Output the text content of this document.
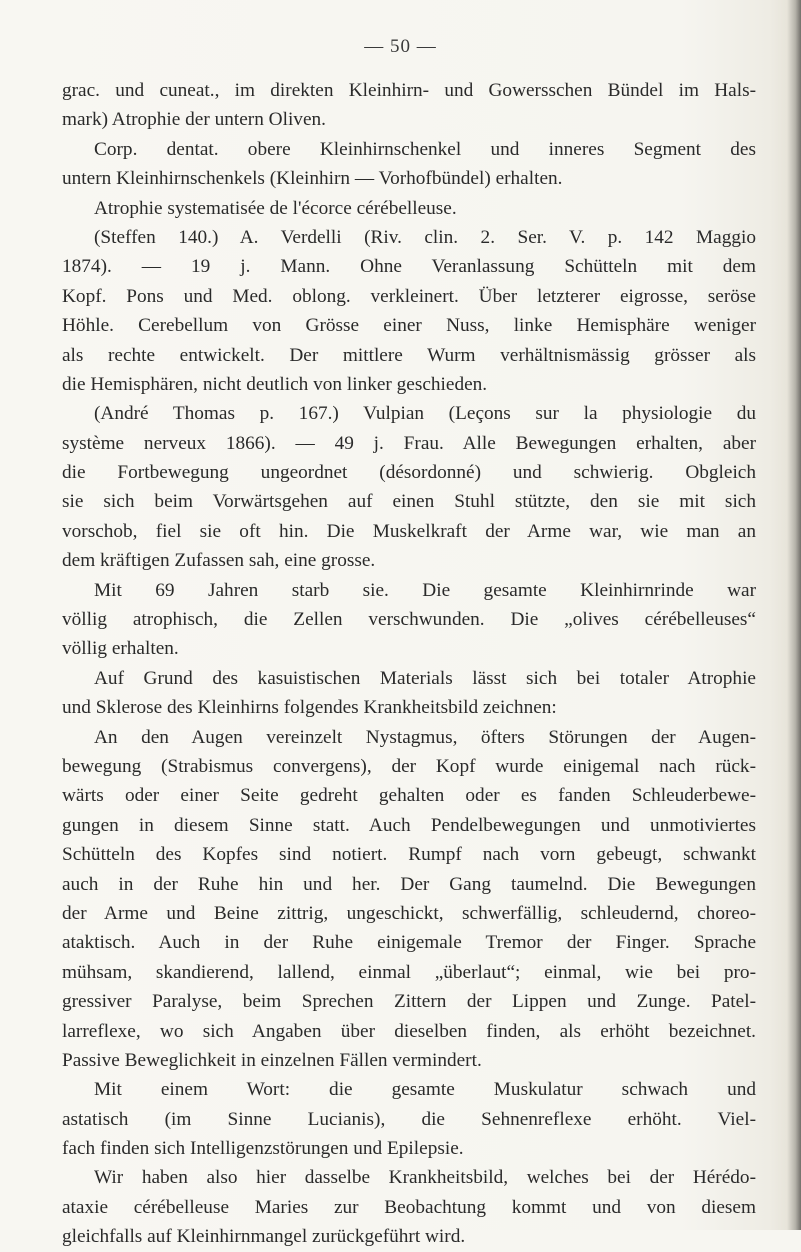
— 50 —
grac. und cuneat., im direkten Kleinhirn- und Gowersschen Bündel im Hals-
mark) Atrophie der untern Oliven.
Corp. dentat. obere Kleinhirnschenkel und inneres Segment des
untern Kleinhirnschenkels (Kleinhirn — Vorhofbündel) erhalten.
Atrophie systematisée de l'écorce cérébelleuse.
(Steffen 140.) A. Verdelli (Riv. clin. 2. Ser. V. p. 142 Maggio
1874). — 19 j. Mann. Ohne Veranlassung Schütteln mit dem
Kopf. Pons und Med. oblong. verkleinert. Über letzterer eigrosse, seröse
Höhle. Cerebellum von Grösse einer Nuss, linke Hemisphäre weniger
als rechte entwickelt. Der mittlere Wurm verhältnismässig grösser als
die Hemisphären, nicht deutlich von linker geschieden.
(André Thomas p. 167.) Vulpian (Leçons sur la physiologie du
système nerveux 1866). — 49 j. Frau. Alle Bewegungen erhalten, aber
die Fortbewegung ungeordnet (désordonné) und schwierig. Obgleich
sie sich beim Vorwärtsgehen auf einen Stuhl stützte, den sie mit sich
vorschob, fiel sie oft hin. Die Muskelkraft der Arme war, wie man an
dem kräftigen Zufassen sah, eine grosse.
Mit 69 Jahren starb sie. Die gesamte Kleinhirnrinde war
völlig atrophisch, die Zellen verschwunden. Die „olives cérébelleuses“
völlig erhalten.
Auf Grund des kasuistischen Materials lässt sich bei totaler Atrophie
und Sklerose des Kleinhirns folgendes Krankheitsbild zeichnen:
An den Augen vereinzelt Nystagmus, öfters Störungen der Augen-
bewegung (Strabismus convergens), der Kopf wurde einigemal nach rück-
wärts oder einer Seite gedreht gehalten oder es fanden Schleuderbewe-
gungen in diesem Sinne statt. Auch Pendelbewegungen und unmotiviertes
Schütteln des Kopfes sind notiert. Rumpf nach vorn gebeugt, schwankt
auch in der Ruhe hin und her. Der Gang taumelnd. Die Bewegungen
der Arme und Beine zittrig, ungeschickt, schwerfällig, schleudernd, choreo-
ataktisch. Auch in der Ruhe einigemale Tremor der Finger. Sprache
mühsam, skandierend, lallend, einmal „überlaut“; einmal, wie bei pro-
gressiver Paralyse, beim Sprechen Zittern der Lippen und Zunge. Patel-
larreflexe, wo sich Angaben über dieselben finden, als erhöht bezeichnet.
Passive Beweglichkeit in einzelnen Fällen vermindert.
Mit einem Wort: die gesamte Muskulatur schwach und
astatisch (im Sinne Lucianis), die Sehnenreflexe erhöht. Viel-
fach finden sich Intelligenzstörungen und Epilepsie.
Wir haben also hier dasselbe Krankheitsbild, welches bei der Hérédo-
ataxie cérébelleuse Maries zur Beobachtung kommt und von diesem
gleichfalls auf Kleinhirnmangel zurückgeführt wird.
